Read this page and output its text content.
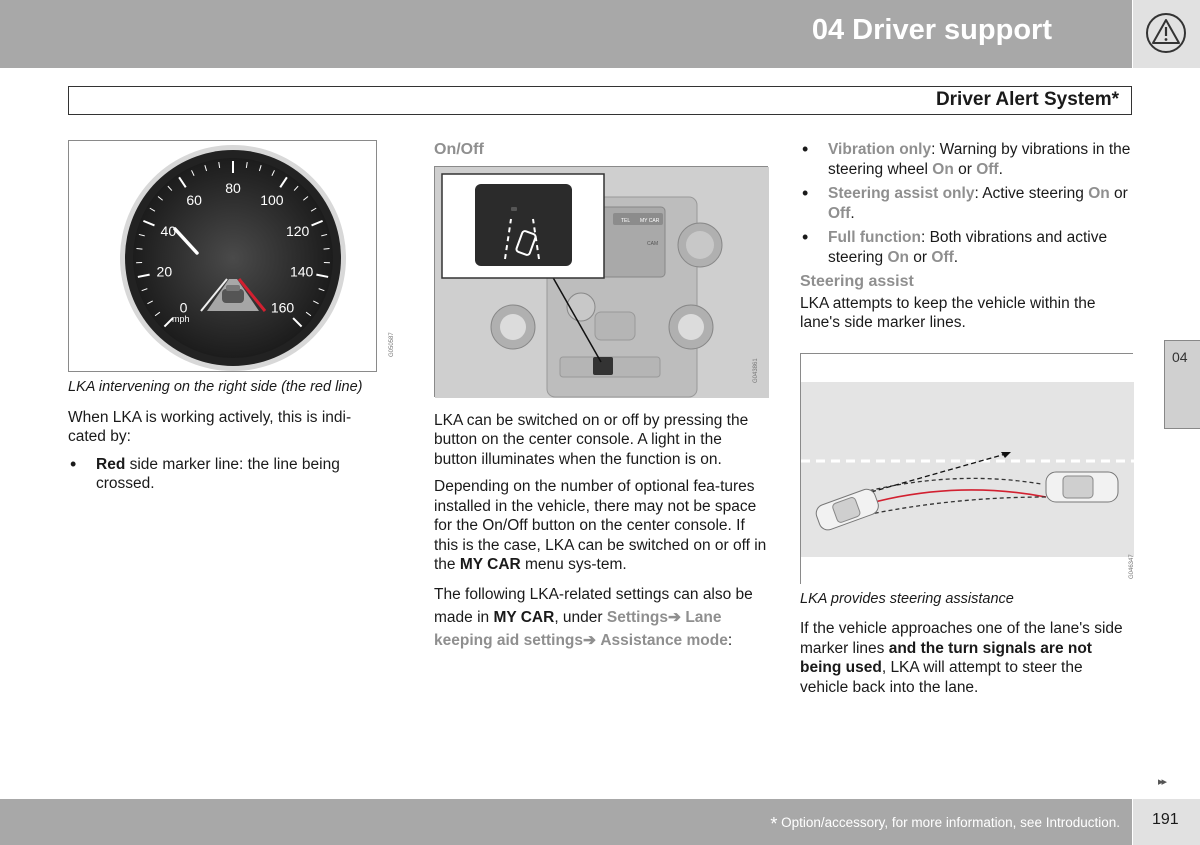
04 Driver support
Driver Alert System*
mph
0
20
40
60
80
100
120
140
160
G050587
LKA intervening on the right side (the red line)

When LKA is working actively, this is indi-cated by:

• Red side marker line: the line being crossed.
On/Off
TEL MY CAR
CAM
G043861

LKA can be switched on or off by pressing the button on the center console. A light in the button illuminates when the function is on.

Depending on the number of optional fea-tures installed in the vehicle, there may not be space for the On/Off button on the center console. If this is the case, LKA can be switched on or off in the MY CAR menu sys-tem.

The following LKA-related settings can also be made in MY CAR, under Settings➔ Lane keeping aid settings➔ Assistance mode:

• Vibration only: Warning by vibrations in the steering wheel On or Off.
• Steering assist only: Active steering On or Off.
• Full function: Both vibrations and active steering On or Off.
Steering assist

LKA attempts to keep the vehicle within the lane's side marker lines.

G046347
LKA provides steering assistance

If the vehicle approaches one of the lane's side marker lines and the turn signals are not being used, LKA will attempt to steer the vehicle back into the lane.

04
▸▸
* Option/accessory, for more information, see Introduction. 191
